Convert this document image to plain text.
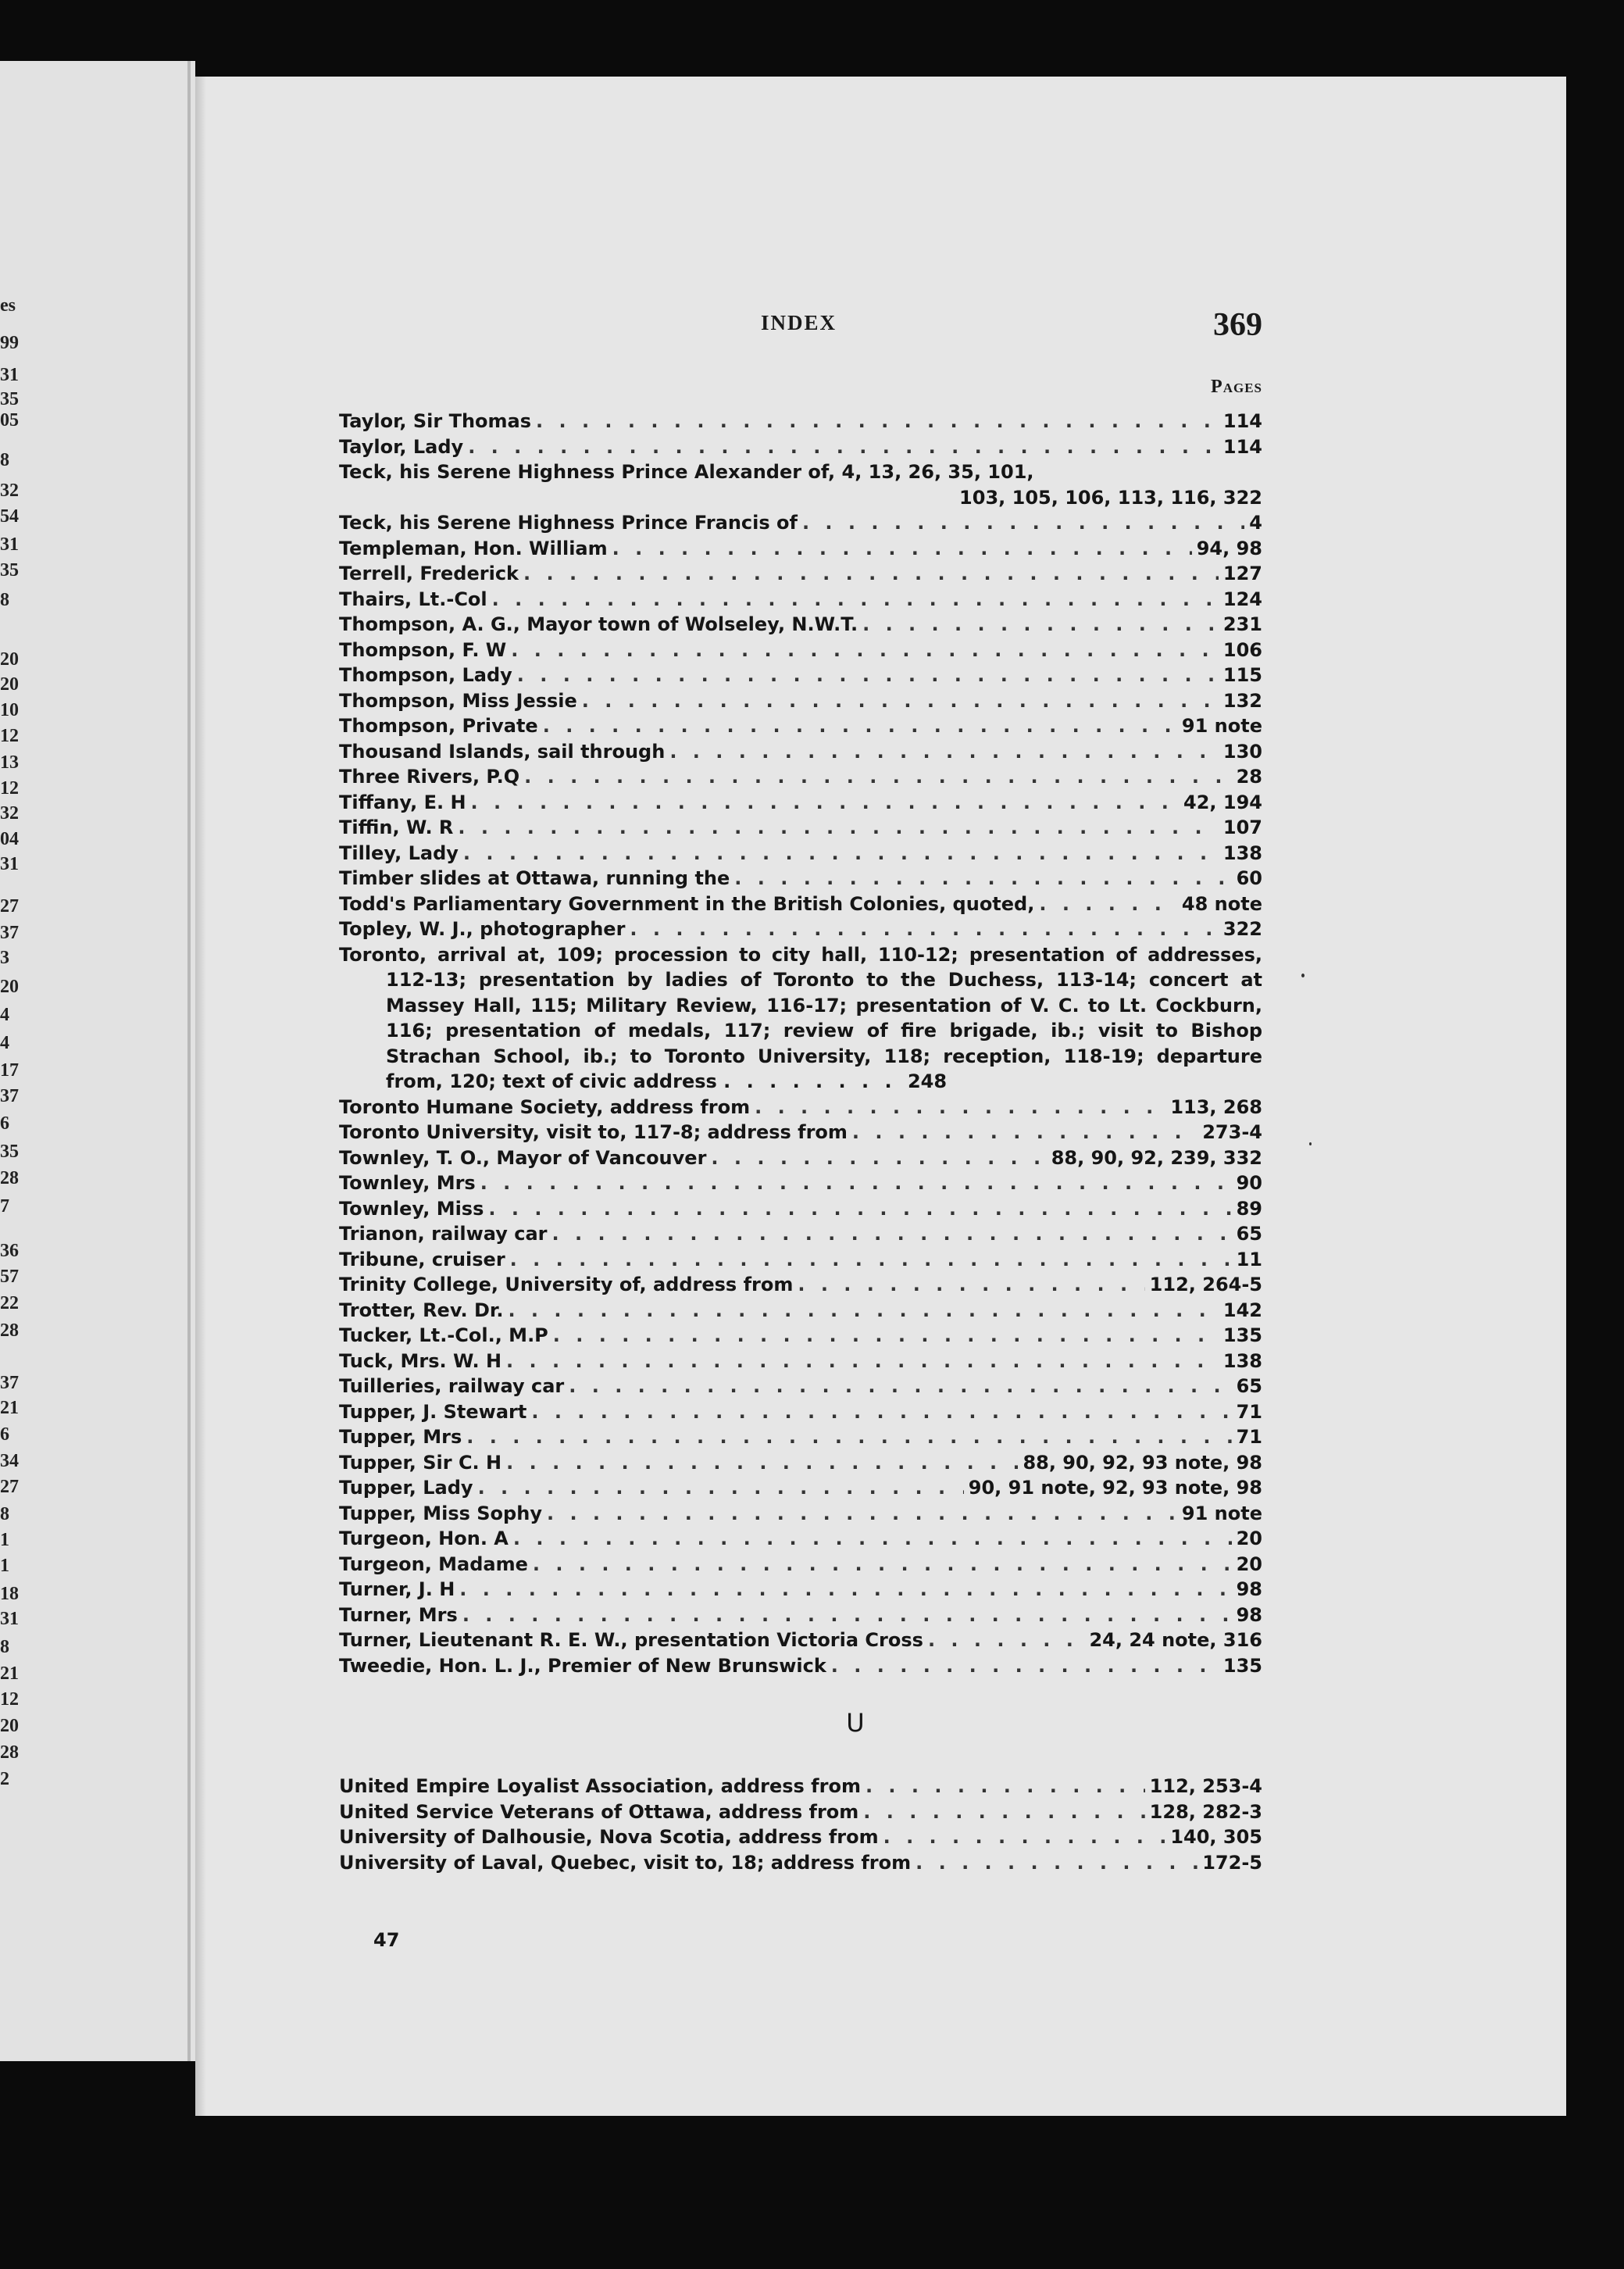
es
99
31
35
05
8
32
54
31
35
8
20
20
10
12
13
12
32
04
31
27
37
3
20
4
4
17
37
6
35
28
7
36
57
22
28
37
21
6
34
27
8
1
1
18
31
8
21
12
20
28
2
INDEX	369
Pages
Taylor, Sir Thomas . . .	114
Taylor, Lady . . .	114
Teck, his Serene Highness Prince Alexander of, 4, 13, 26, 35, 101,
103, 105, 106, 113, 116, 322
Teck, his Serene Highness Prince Francis of . . .	4
Templeman, Hon. William . . .	94, 98
Terrell, Frederick . . .	127
Thairs, Lt.-Col . . .	124
Thompson, A. G., Mayor town of Wolseley, N.W.T. . . .	231
Thompson, F. W . . .	106
Thompson, Lady . . .	115
Thompson, Miss Jessie . . .	132
Thompson, Private . . .	91 note
Thousand Islands, sail through . . .	130
Three Rivers, P.Q . . .	28
Tiffany, E. H . . .	42, 194
Tiffin, W. R . . .	107
Tilley, Lady . . .	138
Timber slides at Ottawa, running the . . .	60
Todd's Parliamentary Government in the British Colonies, quoted, . . .	48 note
Topley, W. J., photographer . . .	322
Toronto, arrival at, 109; procession to city hall, 110-12; presentation of addresses, 112-13; presentation by ladies of Toronto to the Duchess, 113-14; concert at Massey Hall, 115; Military Review, 116-17; presentation of V. C. to Lt. Cockburn, 116; presentation of medals, 117; review of fire brigade, ib.; visit to Bishop Strachan School, ib.; to Toronto University, 118; reception, 118-19; departure from, 120; text of civic address . . . . . . . . 248
Toronto Humane Society, address from . . .	113, 268
Toronto University, visit to, 117-8; address from . . .	273-4
Townley, T. O., Mayor of Vancouver . . .	88, 90, 92, 239, 332
Townley, Mrs . . .	90
Townley, Miss . . .	89
Trianon, railway car . . .	65
Tribune, cruiser . . .	11
Trinity College, University of, address from . . .	112, 264-5
Trotter, Rev. Dr. . . .	142
Tucker, Lt.-Col., M.P . . .	135
Tuck, Mrs. W. H . . .	138
Tuilleries, railway car . . .	65
Tupper, J. Stewart . . .	71
Tupper, Mrs . . .	71
Tupper, Sir C. H . . .	88, 90, 92, 93 note, 98
Tupper, Lady . . .	90, 91 note, 92, 93 note, 98
Tupper, Miss Sophy . . .	91 note
Turgeon, Hon. A . . .	20
Turgeon, Madame . . .	20
Turner, J. H . . .	98
Turner, Mrs . . .	98
Turner, Lieutenant R. E. W., presentation Victoria Cross . . .	24, 24 note, 316
Tweedie, Hon. L. J., Premier of New Brunswick . . .	135
U
United Empire Loyalist Association, address from . . .	112, 253-4
United Service Veterans of Ottawa, address from . . .	128, 282-3
University of Dalhousie, Nova Scotia, address from . . .	140, 305
University of Laval, Quebec, visit to, 18; address from . . .	172-5
47
